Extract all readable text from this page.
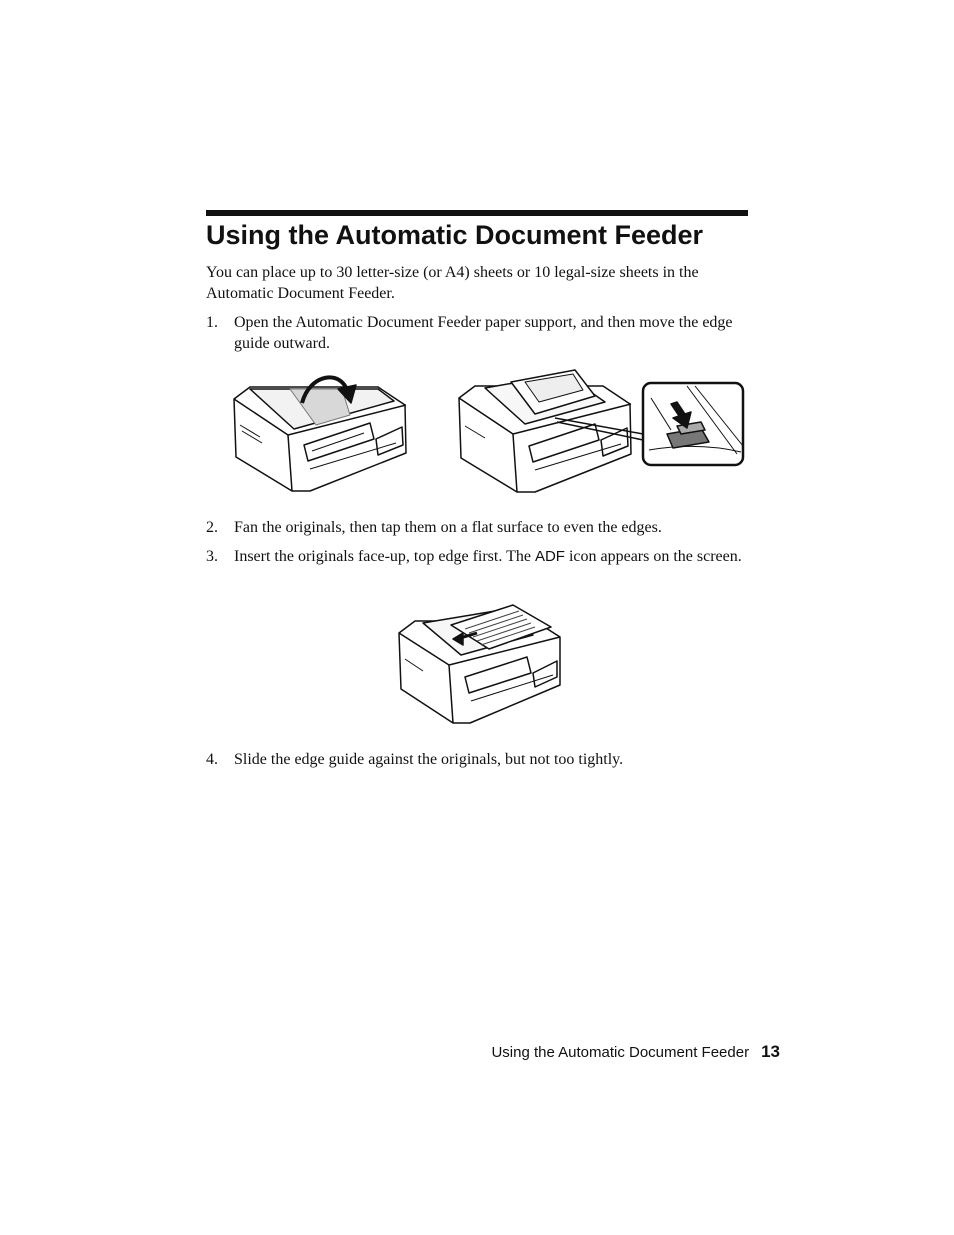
Using the Automatic Document Feeder

You can place up to 30 letter-size (or A4) sheets or 10 legal-size sheets in the Automatic Document Feeder.

1. Open the Automatic Document Feeder paper support, and then move the edge guide outward.
2. Fan the originals, then tap them on a flat surface to even the edges.
3. Insert the originals face-up, top edge first. The ADF icon appears on the screen.
4. Slide the edge guide against the originals, but not too tightly.
Using the Automatic Document Feeder 13
